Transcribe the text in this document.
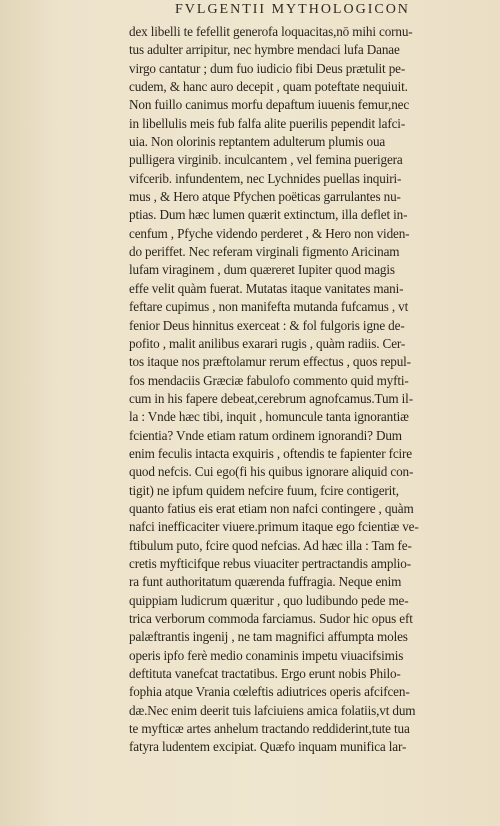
FVLGENTII MYTHOLOGICON
dex libelli te fefellit generofa loquacitas,nō mihi cornu-
tus adulter arripitur, nec hymbre mendaci lufa Danae
virgo cantatur ; dum fuo iudicio fibi Deus prætulit pe-
cudem, & hanc auro decepit , quam poteftate nequiuit.
Non fuillo canimus morfu depaftum iuuenis femur,nec
in libellulis meis fub falfa alite puerilis pependit lafci-
uia. Non olorinis reptantem adulterum plumis oua
pulligera virginib. inculcantem , vel femina puerigera
vifcerib. infundentem, nec Lychnides puellas inquiri-
mus , & Hero atque Pfychen poëticas garrulantes nu-
ptias. Dum hæc lumen quærit extinctum, illa deflet in-
cenfum , Pfyche videndo perderet , & Hero non viden-
do periffet. Nec referam virginali figmento Aricinam
lufam viraginem , dum quæreret Iupiter quod magis
effe velit quàm fuerat. Mutatas itaque vanitates mani-
feftare cupimus , non manifefta mutanda fufcamus , vt
fenior Deus hinnitus exerceat : & fol fulgoris igne de-
pofito , malit anilibus exarari rugis , quàm radiis. Cer-
tos itaque nos præftolamur rerum effectus , quos repul-
fos mendaciis Græciæ fabulofo commento quid myfti-
cum in his fapere debeat,cerebrum agnofcamus.Tum il-
la : Vnde hæc tibi, inquit , homuncule tanta ignorantiæ
fcientia? Vnde etiam ratum ordinem ignorandi? Dum
enim feculis intacta exquiris , oftendis te fapienter fcire
quod nefcis. Cui ego(fi his quibus ignorare aliquid con-
tigit) ne ipfum quidem nefcire fuum, fcire contigerit,
quanto fatius eis erat etiam non nafci contingere , quàm
nafci inefficaciter viuere.primum itaque ego fcientiæ ve-
ftibulum puto, fcire quod nefcias. Ad hæc illa : Tam fe-
cretis myfticifque rebus viuaciter pertractandis amplio-
ra funt authoritatum quærenda fuffragia. Neque enim
quippiam ludicrum quæritur , quo ludibundo pede me-
trica verborum commoda farciamus. Sudor hic opus eft
palæftrantis ingenij , ne tam magnifici affumpta moles
operis ipfo ferè medio conaminis impetu viuacifsimis
deftituta vanefcat tractatibus. Ergo erunt nobis Philo-
fophia atque Vrania cœleftis adiutrices operis afcifcen-
dæ.Nec enim deerit tuis lafciuiens amica folatiis,vt dum
te myfticæ artes anhelum tractando reddiderint,tute tua
fatyra ludentem excipiat. Quæfo inquam munifica lar-
